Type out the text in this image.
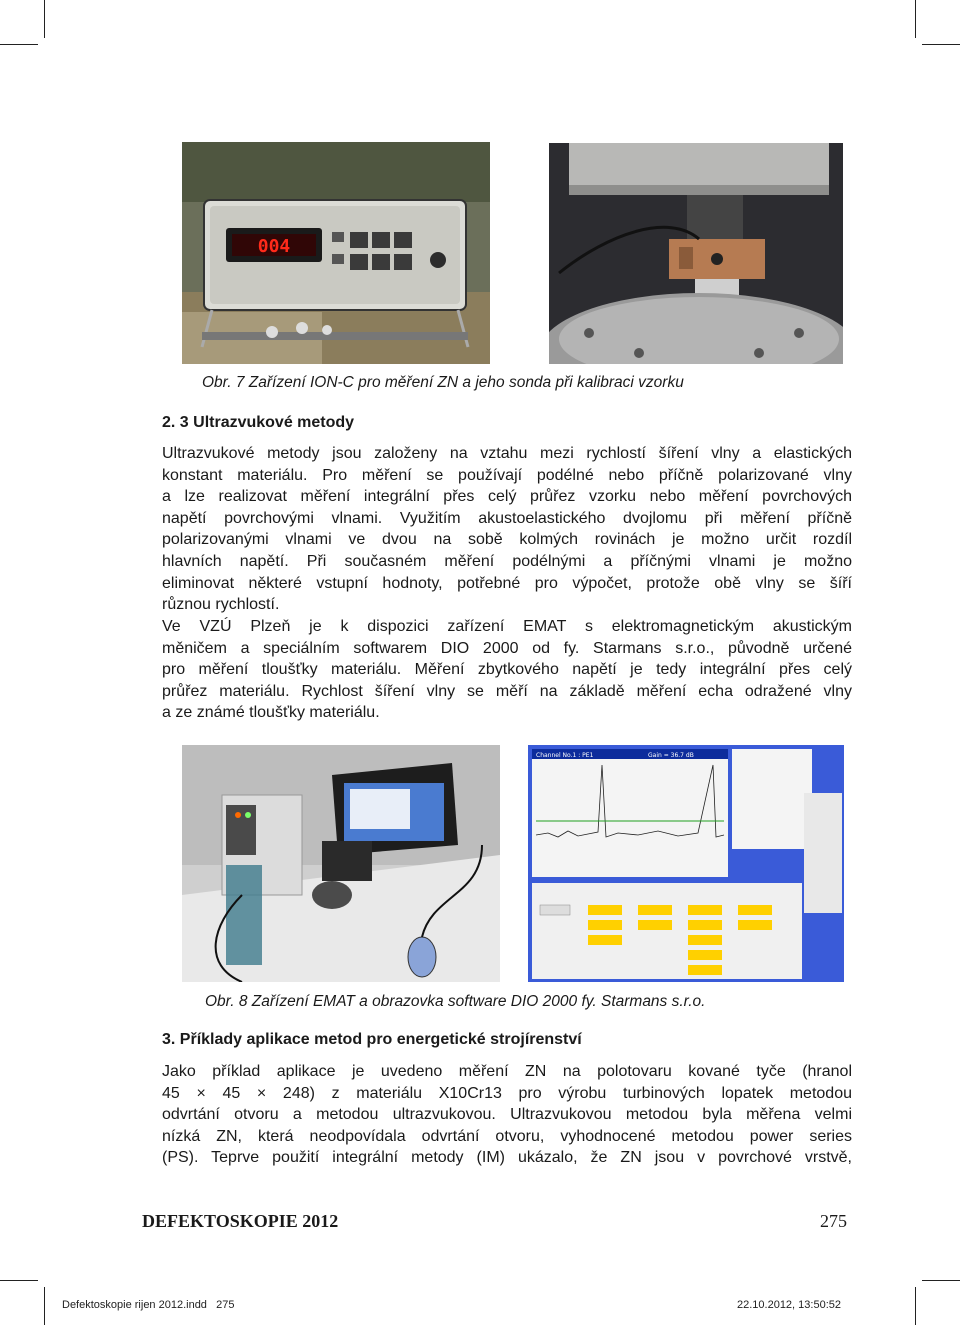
004
Obr. 7 Zařízení ION-C pro měření ZN a jeho sonda při kalibraci vzorku
2. 3 Ultrazvukové metody
Ultrazvukové metody jsou založeny na vztahu mezi rychlostí šíření vlny a elastických
konstant materiálu. Pro měření se používají podélné nebo příčně polarizované vlny
a lze realizovat měření integrální přes celý průřez vzorku nebo měření povrchových
napětí povrchovými vlnami. Využitím akustoelastického dvojlomu při měření příčně
polarizovanými vlnami ve dvou na sobě kolmých rovinách je možno určit rozdíl
hlavních napětí. Při současném měření podélnými a příčnými vlnami je možno
eliminovat některé vstupní hodnoty, potřebné pro výpočet, protože obě vlny se šíří
různou rychlostí.
Ve VZÚ Plzeň je k dispozici zařízení EMAT s elektromagnetickým akustickým
měničem a speciálním softwarem DIO 2000 od fy. Starmans s.r.o., původně určené
pro měření tloušťky materiálu. Měření zbytkového napětí je tedy integrální přes celý
průřez materiálu. Rychlost šíření vlny se měří na základě měření echa odražené vlny
a ze známé tloušťky materiálu.
Channel No.1 : PE1	Gain = 36.7 dB
Obr. 8 Zařízení EMAT a obrazovka software DIO 2000 fy. Starmans s.r.o.
3. Příklady aplikace metod pro energetické strojírenství
Jako příklad aplikace je uvedeno měření ZN na polotovaru kované tyče (hranol
45 × 45 × 248) z materiálu X10Cr13 pro výrobu turbinových lopatek metodou
odvrtání otvoru a metodou ultrazvukovou. Ultrazvukovou metodou byla měřena velmi
nízká ZN, která neodpovídala odvrtání otvoru, vyhodnocené metodou power series
(PS). Teprve použití integrální metody (IM) ukázalo, že ZN jsou v povrchové vrstvě,
DEFEKTOSKOPIE 2012	275
Defektoskopie rijen 2012.indd   275	22.10.2012, 13:50:52
